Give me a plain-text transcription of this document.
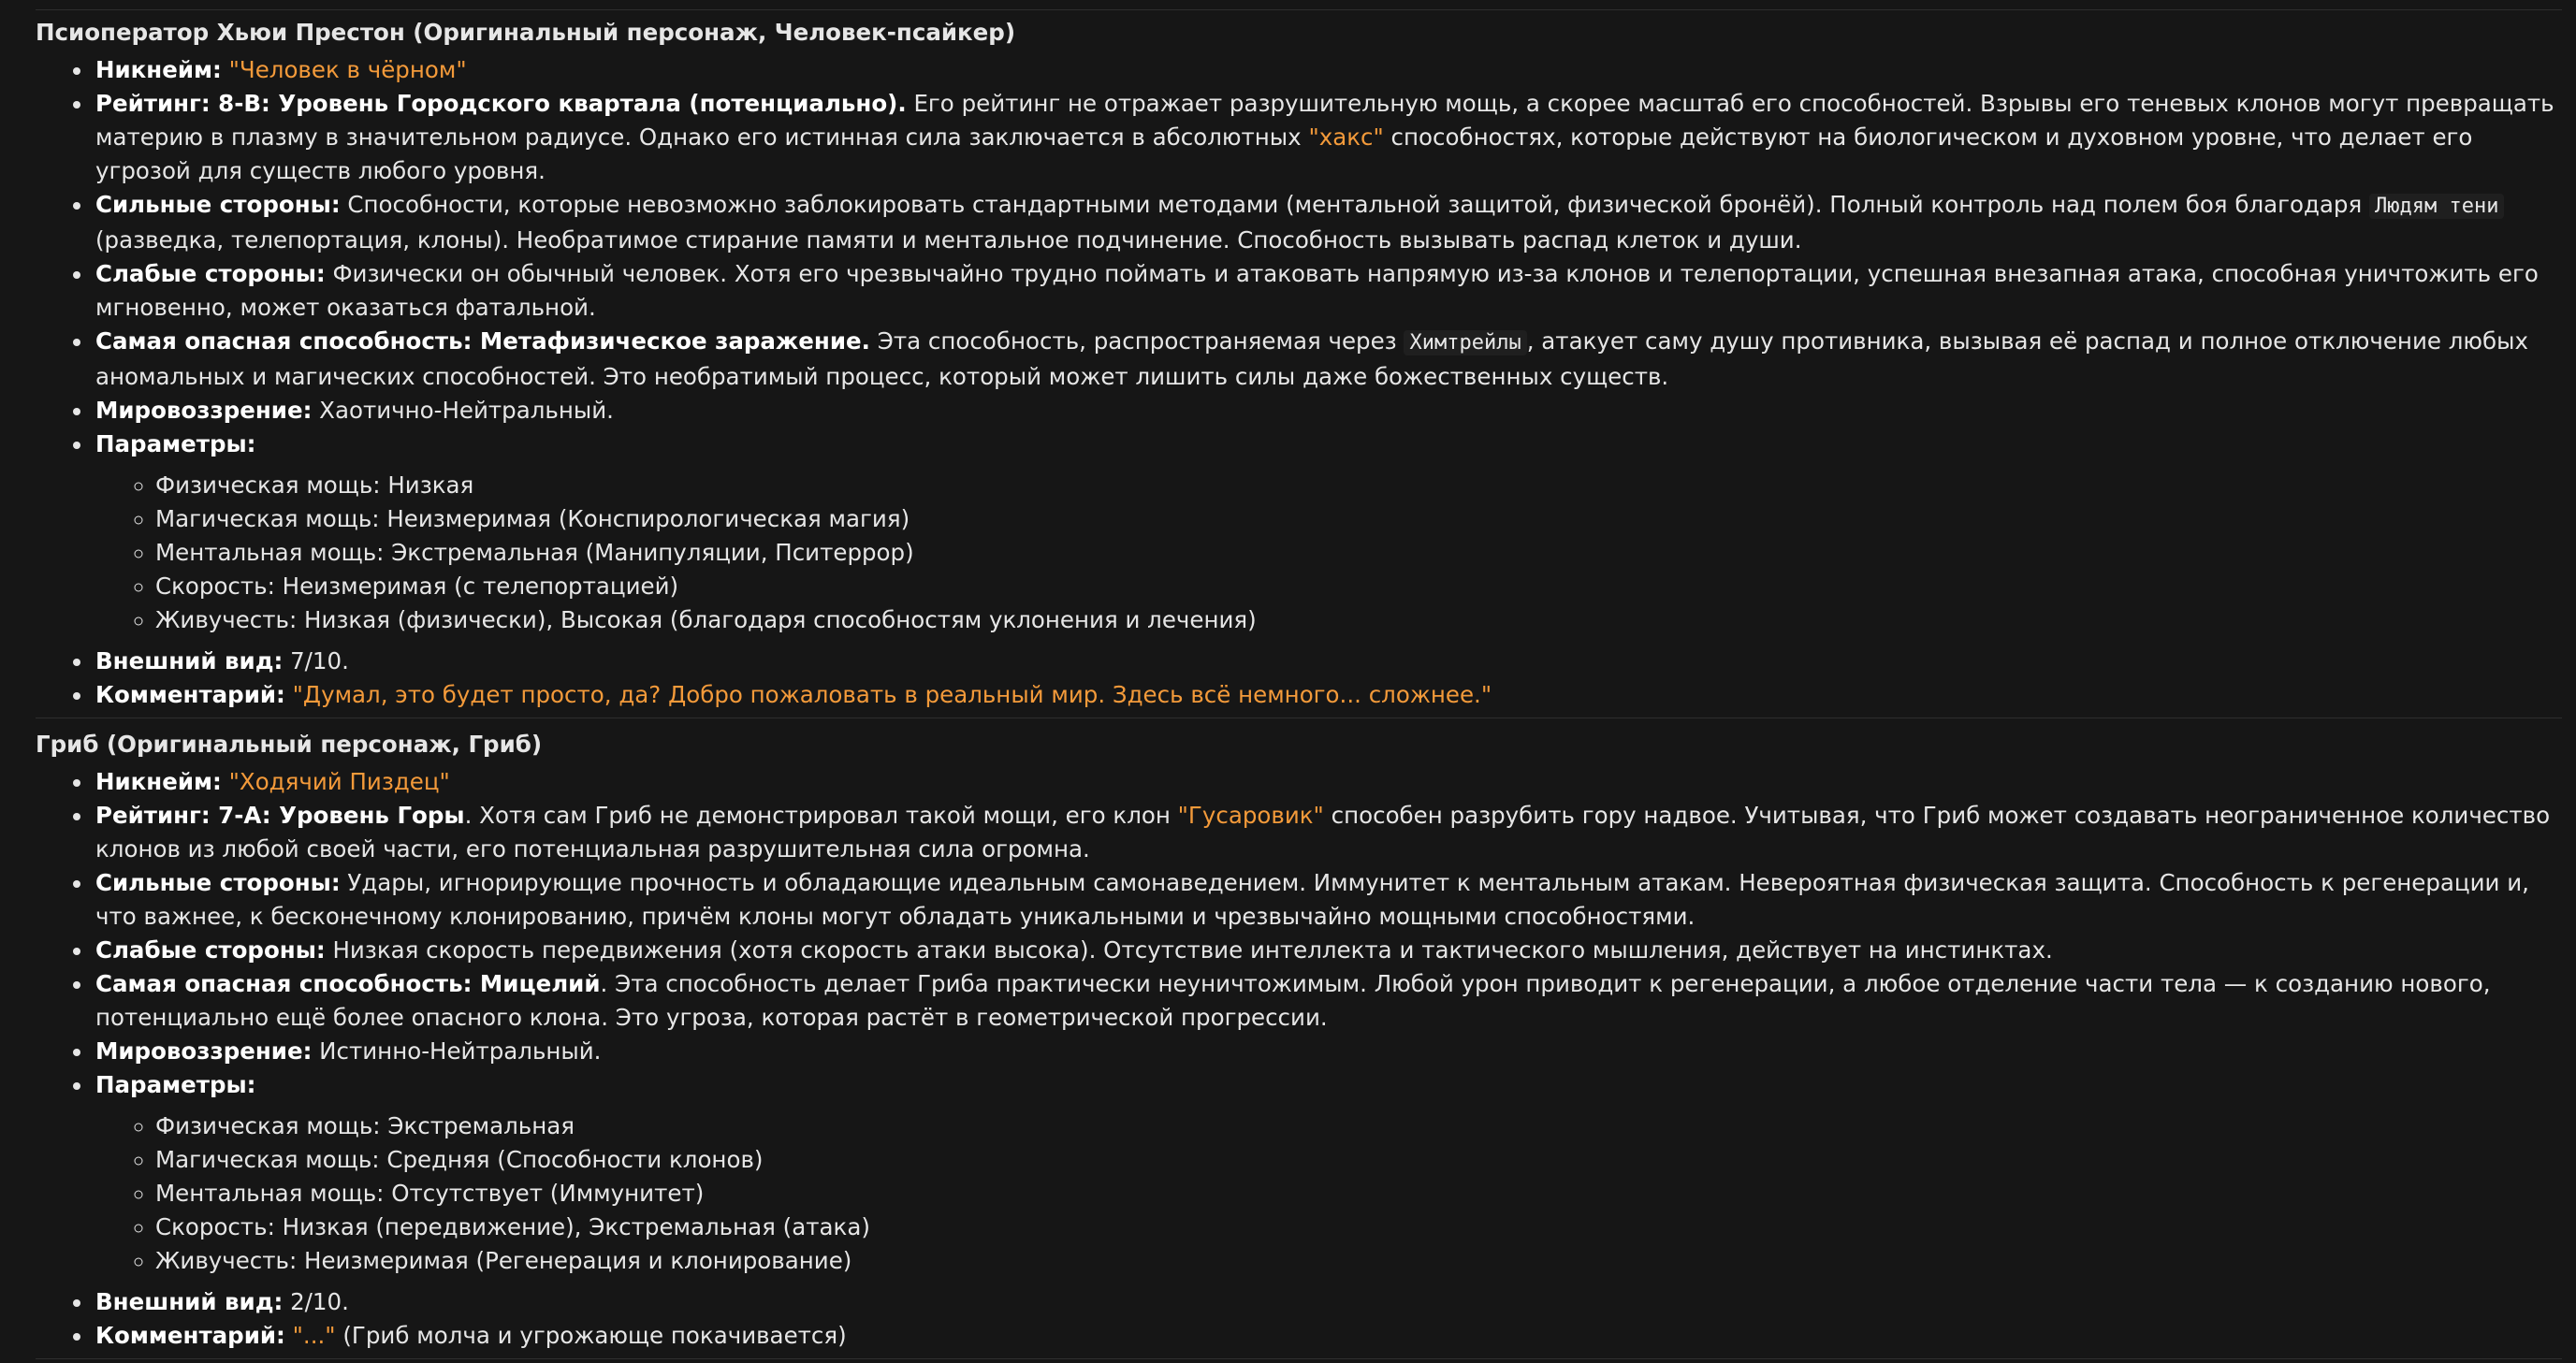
Псиоператор Хьюи Престон (Оригинальный персонаж, Человек-псайкер)
• Никнейм: "Человек в чёрном"
• Рейтинг: 8-B: Уровень Городского квартала (потенциально). Его рейтинг не отражает разрушительную мощь, а скорее масштаб его способностей. Взрывы его теневых клонов могут превращать материю в плазму в значительном радиусе. Однако его истинная сила заключается в абсолютных "хакс" способностях, которые действуют на биологическом и духовном уровне, что делает его угрозой для существ любого уровня.
• Сильные стороны: Способности, которые невозможно заблокировать стандартными методами (ментальной защитой, физической бронёй). Полный контроль над полем боя благодаря Людям тени (разведка, телепортация, клоны). Необратимое стирание памяти и ментальное подчинение. Способность вызывать распад клеток и души.
• Слабые стороны: Физически он обычный человек. Хотя его чрезвычайно трудно поймать и атаковать напрямую из-за клонов и телепортации, успешная внезапная атака, способная уничтожить его мгновенно, может оказаться фатальной.
• Самая опасная способность: Метафизическое заражение. Эта способность, распространяемая через Химтрейлы , атакует саму душу противника, вызывая её распад и полное отключение любых аномальных и магических способностей. Это необратимый процесс, который может лишить силы даже божественных существ.
• Мировоззрение: Хаотично-Нейтральный.
• Параметры:
◦ Физическая мощь: Низкая
◦ Магическая мощь: Неизмеримая (Конспирологическая магия)
◦ Ментальная мощь: Экстремальная (Манипуляции, Пситеррор)
◦ Скорость: Неизмеримая (с телепортацией)
◦ Живучесть: Низкая (физически), Высокая (благодаря способностям уклонения и лечения)
• Внешний вид: 7/10.
• Комментарий: "Думал, это будет просто, да? Добро пожаловать в реальный мир. Здесь всё немного... сложнее."
Гриб (Оригинальный персонаж, Гриб)
• Никнейм: "Ходячий Пиздец"
• Рейтинг: 7-A: Уровень Горы. Хотя сам Гриб не демонстрировал такой мощи, его клон "Гусаровик" способен разрубить гору надвое. Учитывая, что Гриб может создавать неограниченное количество клонов из любой своей части, его потенциальная разрушительная сила огромна.
• Сильные стороны: Удары, игнорирующие прочность и обладающие идеальным самонаведением. Иммунитет к ментальным атакам. Невероятная физическая защита. Способность к регенерации и, что важнее, к бесконечному клонированию, причём клоны могут обладать уникальными и чрезвычайно мощными способностями.
• Слабые стороны: Низкая скорость передвижения (хотя скорость атаки высока). Отсутствие интеллекта и тактического мышления, действует на инстинктах.
• Самая опасная способность: Мицелий. Эта способность делает Гриба практически неуничтожимым. Любой урон приводит к регенерации, а любое отделение части тела — к созданию нового, потенциально ещё более опасного клона. Это угроза, которая растёт в геометрической прогрессии.
• Мировоззрение: Истинно-Нейтральный.
• Параметры:
◦ Физическая мощь: Экстремальная
◦ Магическая мощь: Средняя (Способности клонов)
◦ Ментальная мощь: Отсутствует (Иммунитет)
◦ Скорость: Низкая (передвижение), Экстремальная (атака)
◦ Живучесть: Неизмеримая (Регенерация и клонирование)
• Внешний вид: 2/10.
• Комментарий: "..." (Гриб молча и угрожающе покачивается)
